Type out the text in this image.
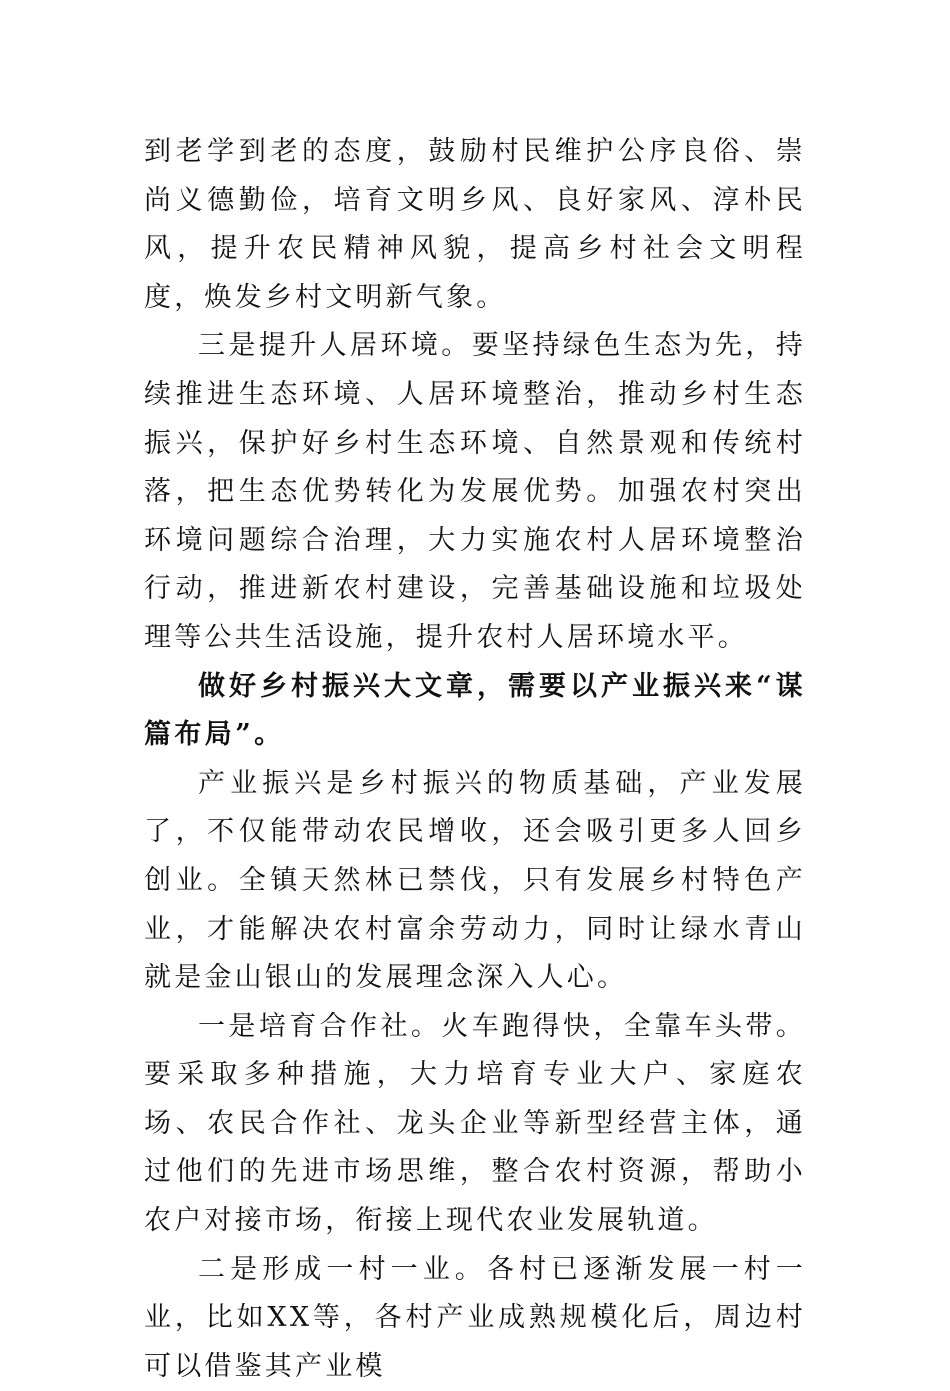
到老学到老的态度，鼓励村民维护公序良俗、崇尚义德勤俭，培育文明乡风、良好家风、淳朴民风，提升农民精神风貌，提高乡村社会文明程度，焕发乡村文明新气象。

三是提升人居环境。要坚持绿色生态为先，持续推进生态环境、人居环境整治，推动乡村生态振兴，保护好乡村生态环境、自然景观和传统村落，把生态优势转化为发展优势。加强农村突出环境问题综合治理，大力实施农村人居环境整治行动，推进新农村建设，完善基础设施和垃圾处理等公共生活设施，提升农村人居环境水平。

做好乡村振兴大文章，需要以产业振兴来“谋篇布局”。

产业振兴是乡村振兴的物质基础，产业发展了，不仅能带动农民增收，还会吸引更多人回乡创业。全镇天然林已禁伐，只有发展乡村特色产业，才能解决农村富余劳动力，同时让绿水青山就是金山银山的发展理念深入人心。

一是培育合作社。火车跑得快，全靠车头带。要采取多种措施，大力培育专业大户、家庭农场、农民合作社、龙头企业等新型经营主体，通过他们的先进市场思维，整合农村资源，帮助小农户对接市场，衔接上现代农业发展轨道。

二是形成一村一业。各村已逐渐发展一村一业，比如XX等，各村产业成熟规模化后，周边村可以借鉴其产业模
